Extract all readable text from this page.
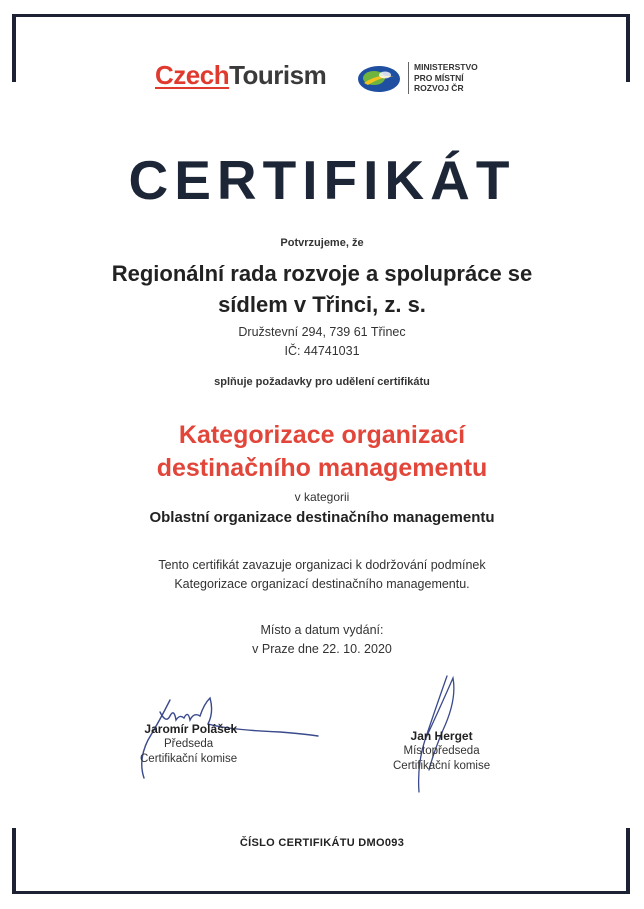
CzechTourism	MINISTERSTVO
PRO MÍSTNÍ
ROZVOJ ČR
CERTIFIKÁT
Potvrzujeme, že
Regionální rada rozvoje a spolupráce se
sídlem v Třinci, z. s.
Družstevní 294, 739 61 Třinec
IČ: 44741031
splňuje požadavky pro udělení certifikátu
Kategorizace organizací
destinačního managementu
v kategorii
Oblastní organizace destinačního managementu
Tento certifikát zavazuje organizaci k dodržování podmínek
Kategorizace organizací destinačního managementu.
Místo a datum vydání:
v Praze dne 22. 10. 2020
Jaromír Polášek
Předseda
Certifikační komise
Jan Herget
Místopředseda
Certifikační komise
ČÍSLO CERTIFIKÁTU DMO093
